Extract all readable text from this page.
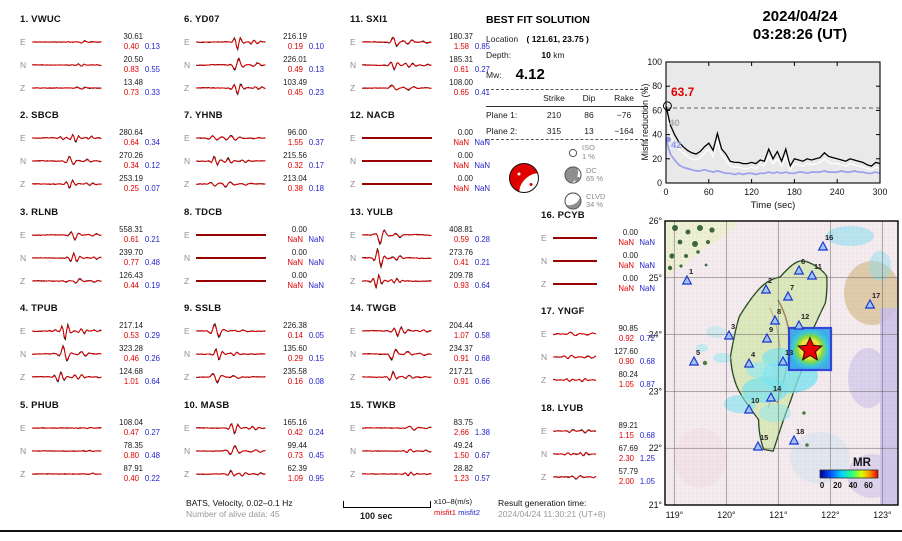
1. VWUC
E	30.61
0.40 0.13
N	20.50
0.83 0.55
Z	13.48
0.73 0.33
2. SBCB
E	280.64
0.64 0.34
N	270.26
0.34 0.12
Z	253.19
0.25 0.07
3. RLNB
E	558.31
0.61 0.21
N	239.70
0.77 0.48
Z	126.43
0.44 0.19
4. TPUB
E	217.14
0.53 0.29
N	323.28
0.46 0.26
Z	124.68
1.01 0.64
5. PHUB
E	108.04
0.47 0.27
N	78.35
0.80 0.48
Z	87.91
0.40 0.22
6. YD07
E	216.19
0.19 0.10
N	226.01
0.49 0.13
Z	103.49
0.45 0.23
7. YHNB
E	96.00
1.55 0.37
N	215.56
0.32 0.17
Z	213.04
0.38 0.18
8. TDCB
E	0.00
NaN NaN
N	0.00
NaN NaN
Z	0.00
NaN NaN
9. SSLB
E	226.38
0.14 0.05
N	135.60
0.29 0.15
Z	235.58
0.16 0.08
10. MASB
E	165.16
0.42 0.24
N	99.44
0.73 0.45
Z	62.39
1.09 0.95
11. SXI1
E	180.37
1.58 0.85
N	185.31
0.61 0.27
Z	108.00
0.65 0.41
12. NACB
E	0.00
NaN NaN
N	0.00
NaN NaN
Z	0.00
NaN NaN
13. YULB
E	408.81
0.59 0.28
N	273.76
0.41 0.21
Z	209.78
0.93 0.64
14. TWGB
E	204.44
1.07 0.58
N	234.37
0.91 0.68
Z	217.21
0.91 0.66
15. TWKB
E	83.75
2.66 1.38
N	49.24
1.50 0.67
Z	28.82
1.23 0.57
16. PCYB
E	0.00
NaN NaN
N	0.00
NaN NaN
Z	0.00
NaN NaN
17. YNGF
E	90.85
0.92 0.72
N	127.60
0.90 0.68
Z	80.24
1.05 0.87
18. LYUB
E	89.21
1.15 0.68
N	67.69
2.30 1.25
Z	57.79
2.00 1.05
BEST FIT SOLUTION
Location ( 121.61, 23.75 )
Depth:	10 km
Mw: 4.12
Strike	Dip	Rake
Plane 1:	210	86	−76
Plane 2:	315	13	−164
ISO
1 %
DC
65 %
CLVD
34 %
2024/04/24
03:28:26 (UT)
0
20
40
60
80
100
0	60	120	180	240	300
63.7
40
42
Misfit reduction (%)
Time (sec)
1
2
3
4
5
6
7
8
9
10
11
12
13
14
15
16
17
18
MR
0 20 40 60
26°
25°
24°
23°
22°
21°
119°	120°	121°	122°	123°
BATS, Velocity, 0.02–0.1 Hz
Number of alive data: 45	100 sec
x10–8(m/s)
misfit1 misfit2
Result generation time:
2024/04/24 11:30:21 (UT+8)
